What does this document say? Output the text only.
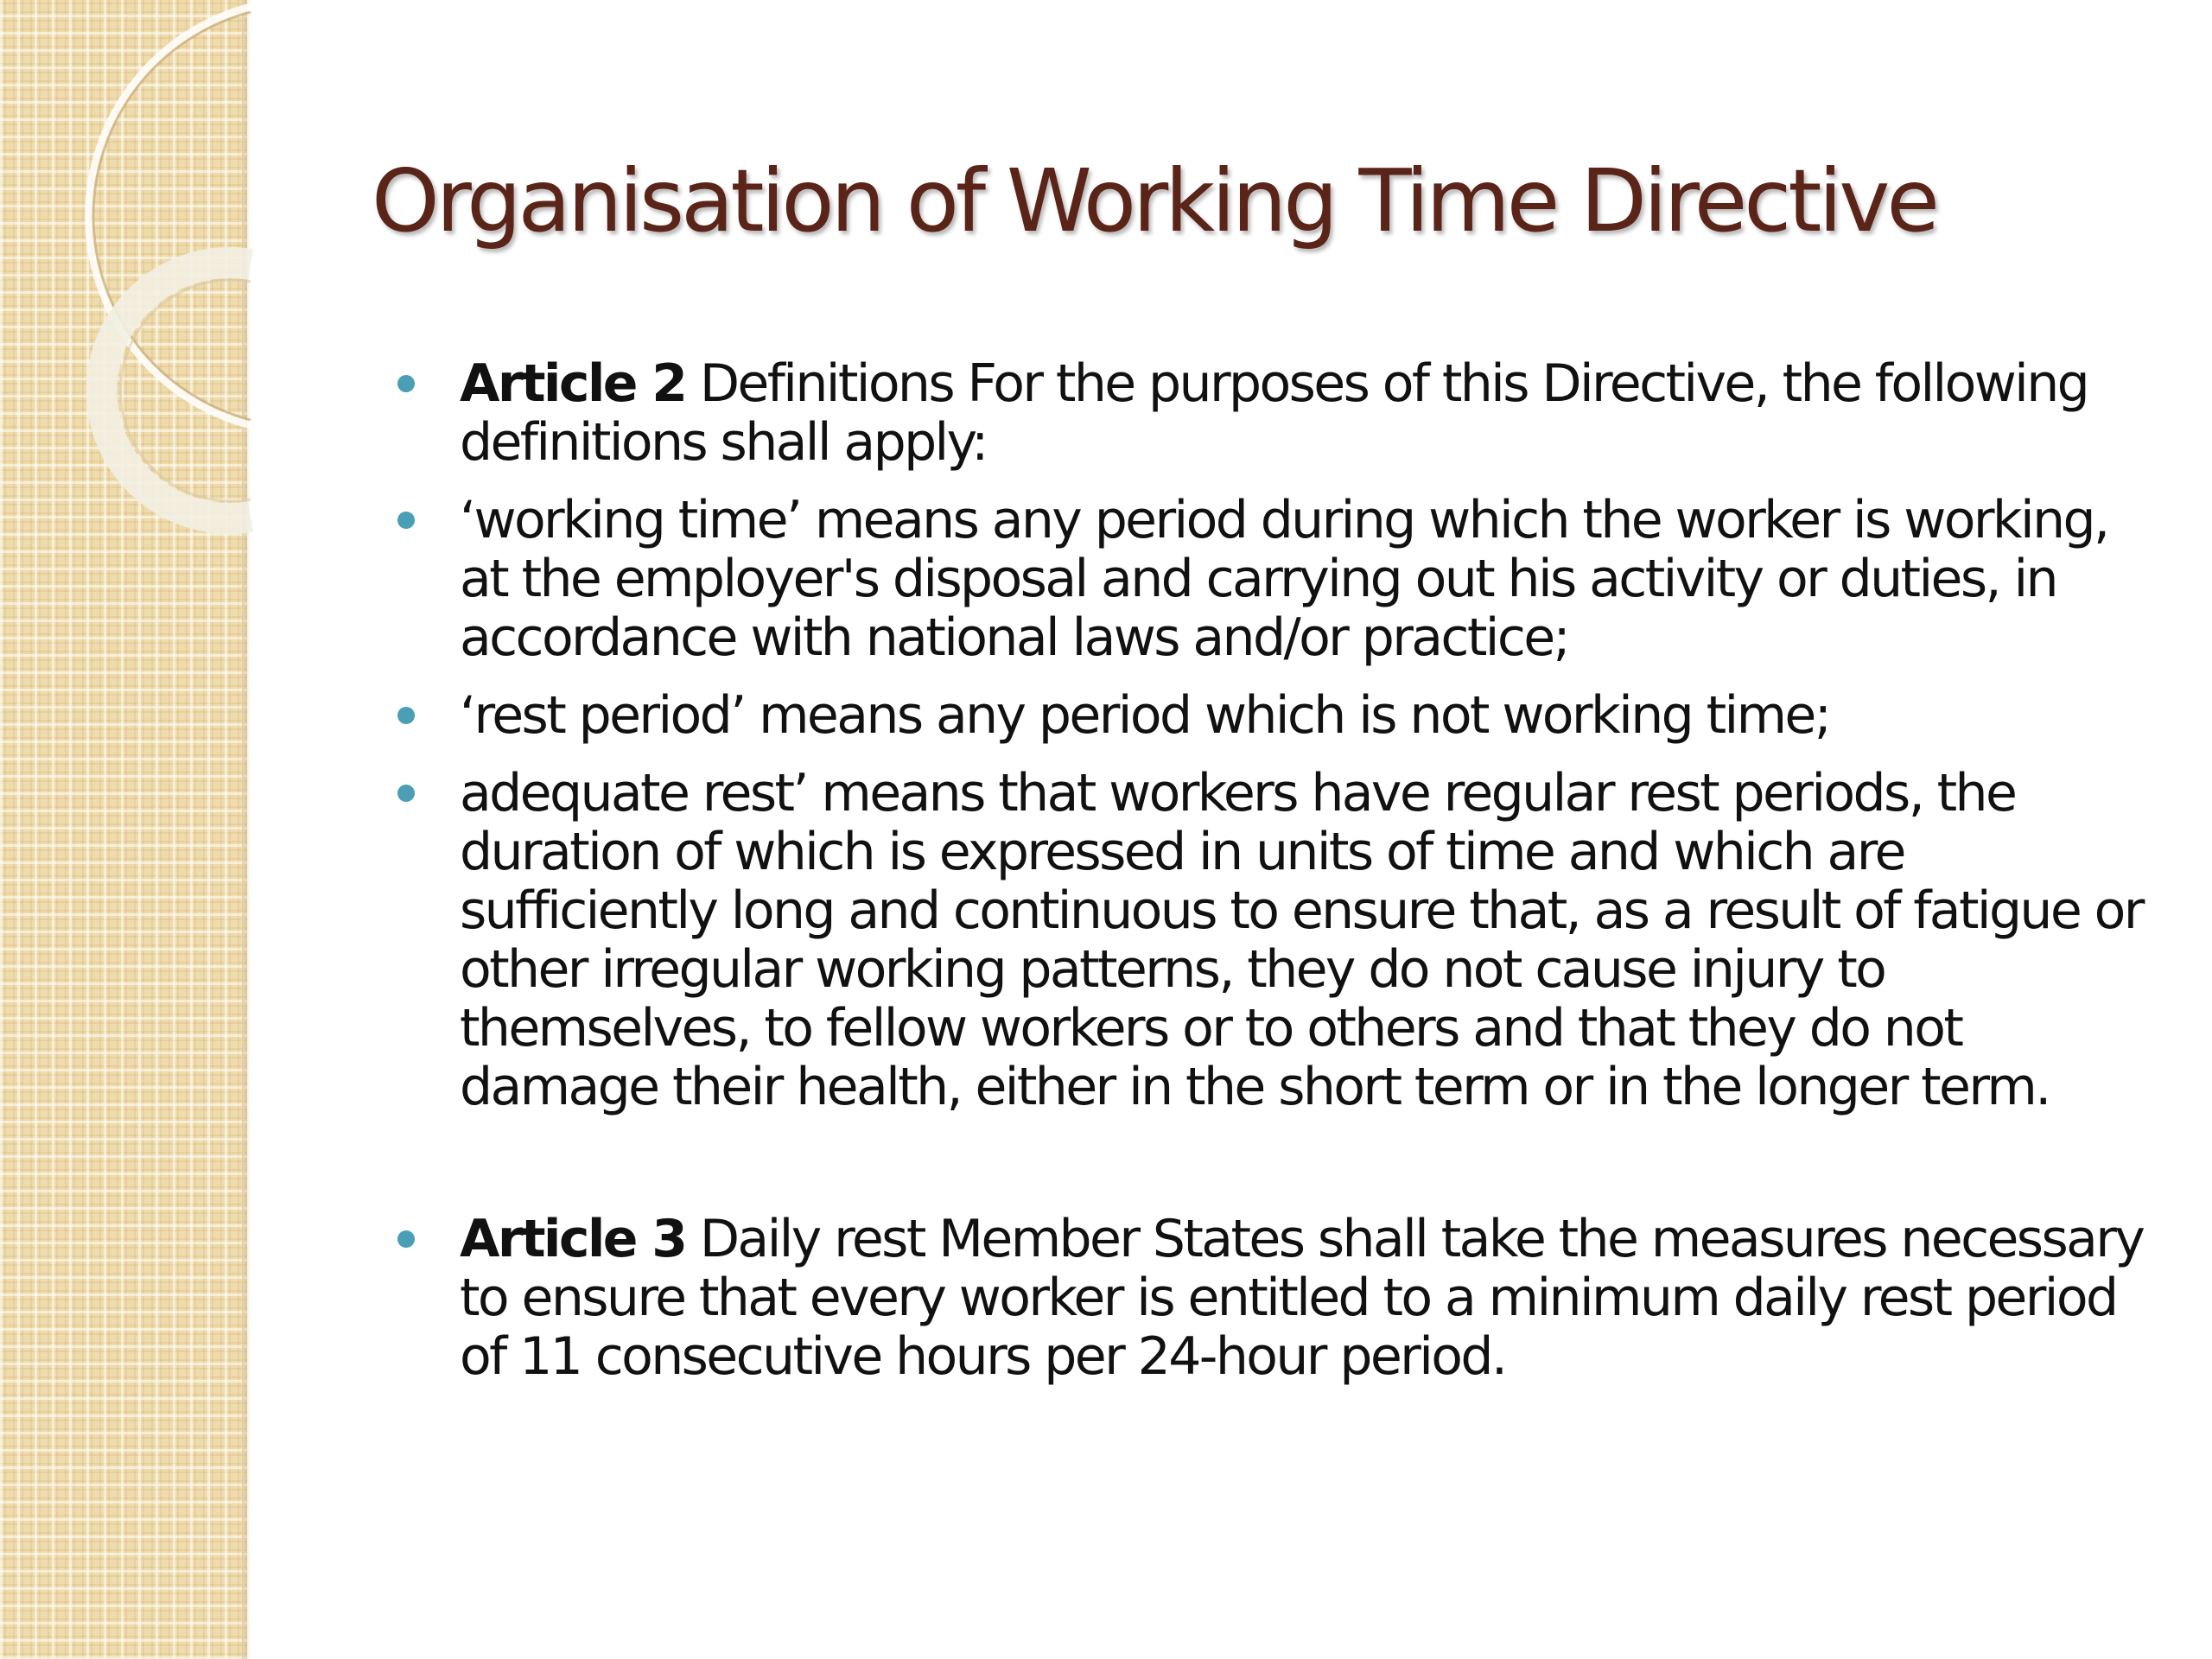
Organisation of Working Time Directive
Article 2 Definitions For the purposes of this Directive, the following definitions shall apply:
‘working time’ means any period during which the worker is working, at the employer's disposal and carrying out his activity or duties, in accordance with national laws and/or practice;
‘rest period’ means any period which is not working time;
adequate rest’ means that workers have regular rest periods, the duration of which is expressed in units of time and which are sufficiently long and continuous to ensure that, as a result of fatigue or other irregular working patterns, they do not cause injury to themselves, to fellow workers or to others and that they do not damage their health, either in the short term or in the longer term.
Article 3 Daily rest Member States shall take the measures necessary to ensure that every worker is entitled to a minimum daily rest period of 11 consecutive hours per 24-hour period.
